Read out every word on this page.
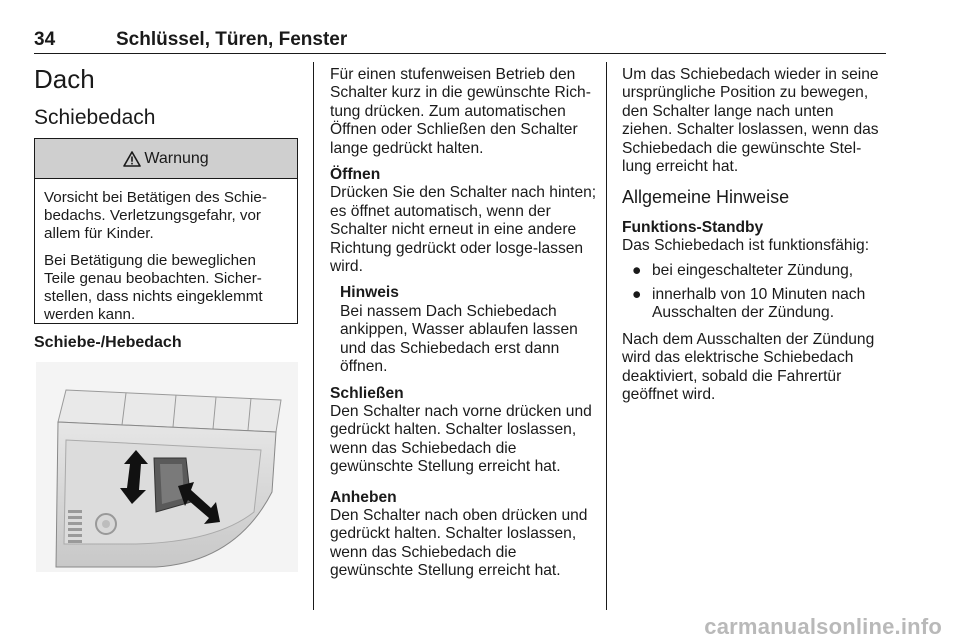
34	Schlüssel, Türen, Fenster
Dach
Schiebedach
Warnung

Vorsicht bei Betätigen des Schie-bedachs. Verletzungsgefahr, vor allem für Kinder.

Bei Betätigung die beweglichen Teile genau beobachten. Sicher-stellen, dass nichts eingeklemmt werden kann.

Schiebe-/Hebedach

Für einen stufenweisen Betrieb den Schalter kurz in die gewünschte Rich-tung drücken. Zum automatischen Öffnen oder Schließen den Schalter lange gedrückt halten.

Öffnen

Drücken Sie den Schalter nach hinten; es öffnet automatisch, wenn der Schalter nicht erneut in eine andere Richtung gedrückt oder losge-lassen wird.

Hinweis

Bei nassem Dach Schiebedach ankippen, Wasser ablaufen lassen und das Schiebedach erst dann öffnen.

Schließen

Den Schalter nach vorne drücken und gedrückt halten. Schalter loslassen, wenn das Schiebedach die gewünschte Stellung erreicht hat.

Anheben

Den Schalter nach oben drücken und gedrückt halten. Schalter loslassen, wenn das Schiebedach die gewünschte Stellung erreicht hat.

Um das Schiebedach wieder in seine ursprüngliche Position zu bewegen, den Schalter lange nach unten ziehen. Schalter loslassen, wenn das Schiebedach die gewünschte Stel-lung erreicht hat.

Allgemeine Hinweise
Funktions-Standby
Das Schiebedach ist funktionsfähig:
● bei eingeschalteter Zündung,
● innerhalb von 10 Minuten nach Ausschalten der Zündung.

Nach dem Ausschalten der Zündung wird das elektrische Schiebedach deaktiviert, sobald die Fahrertür geöffnet wird.

carmanualsonline.info
